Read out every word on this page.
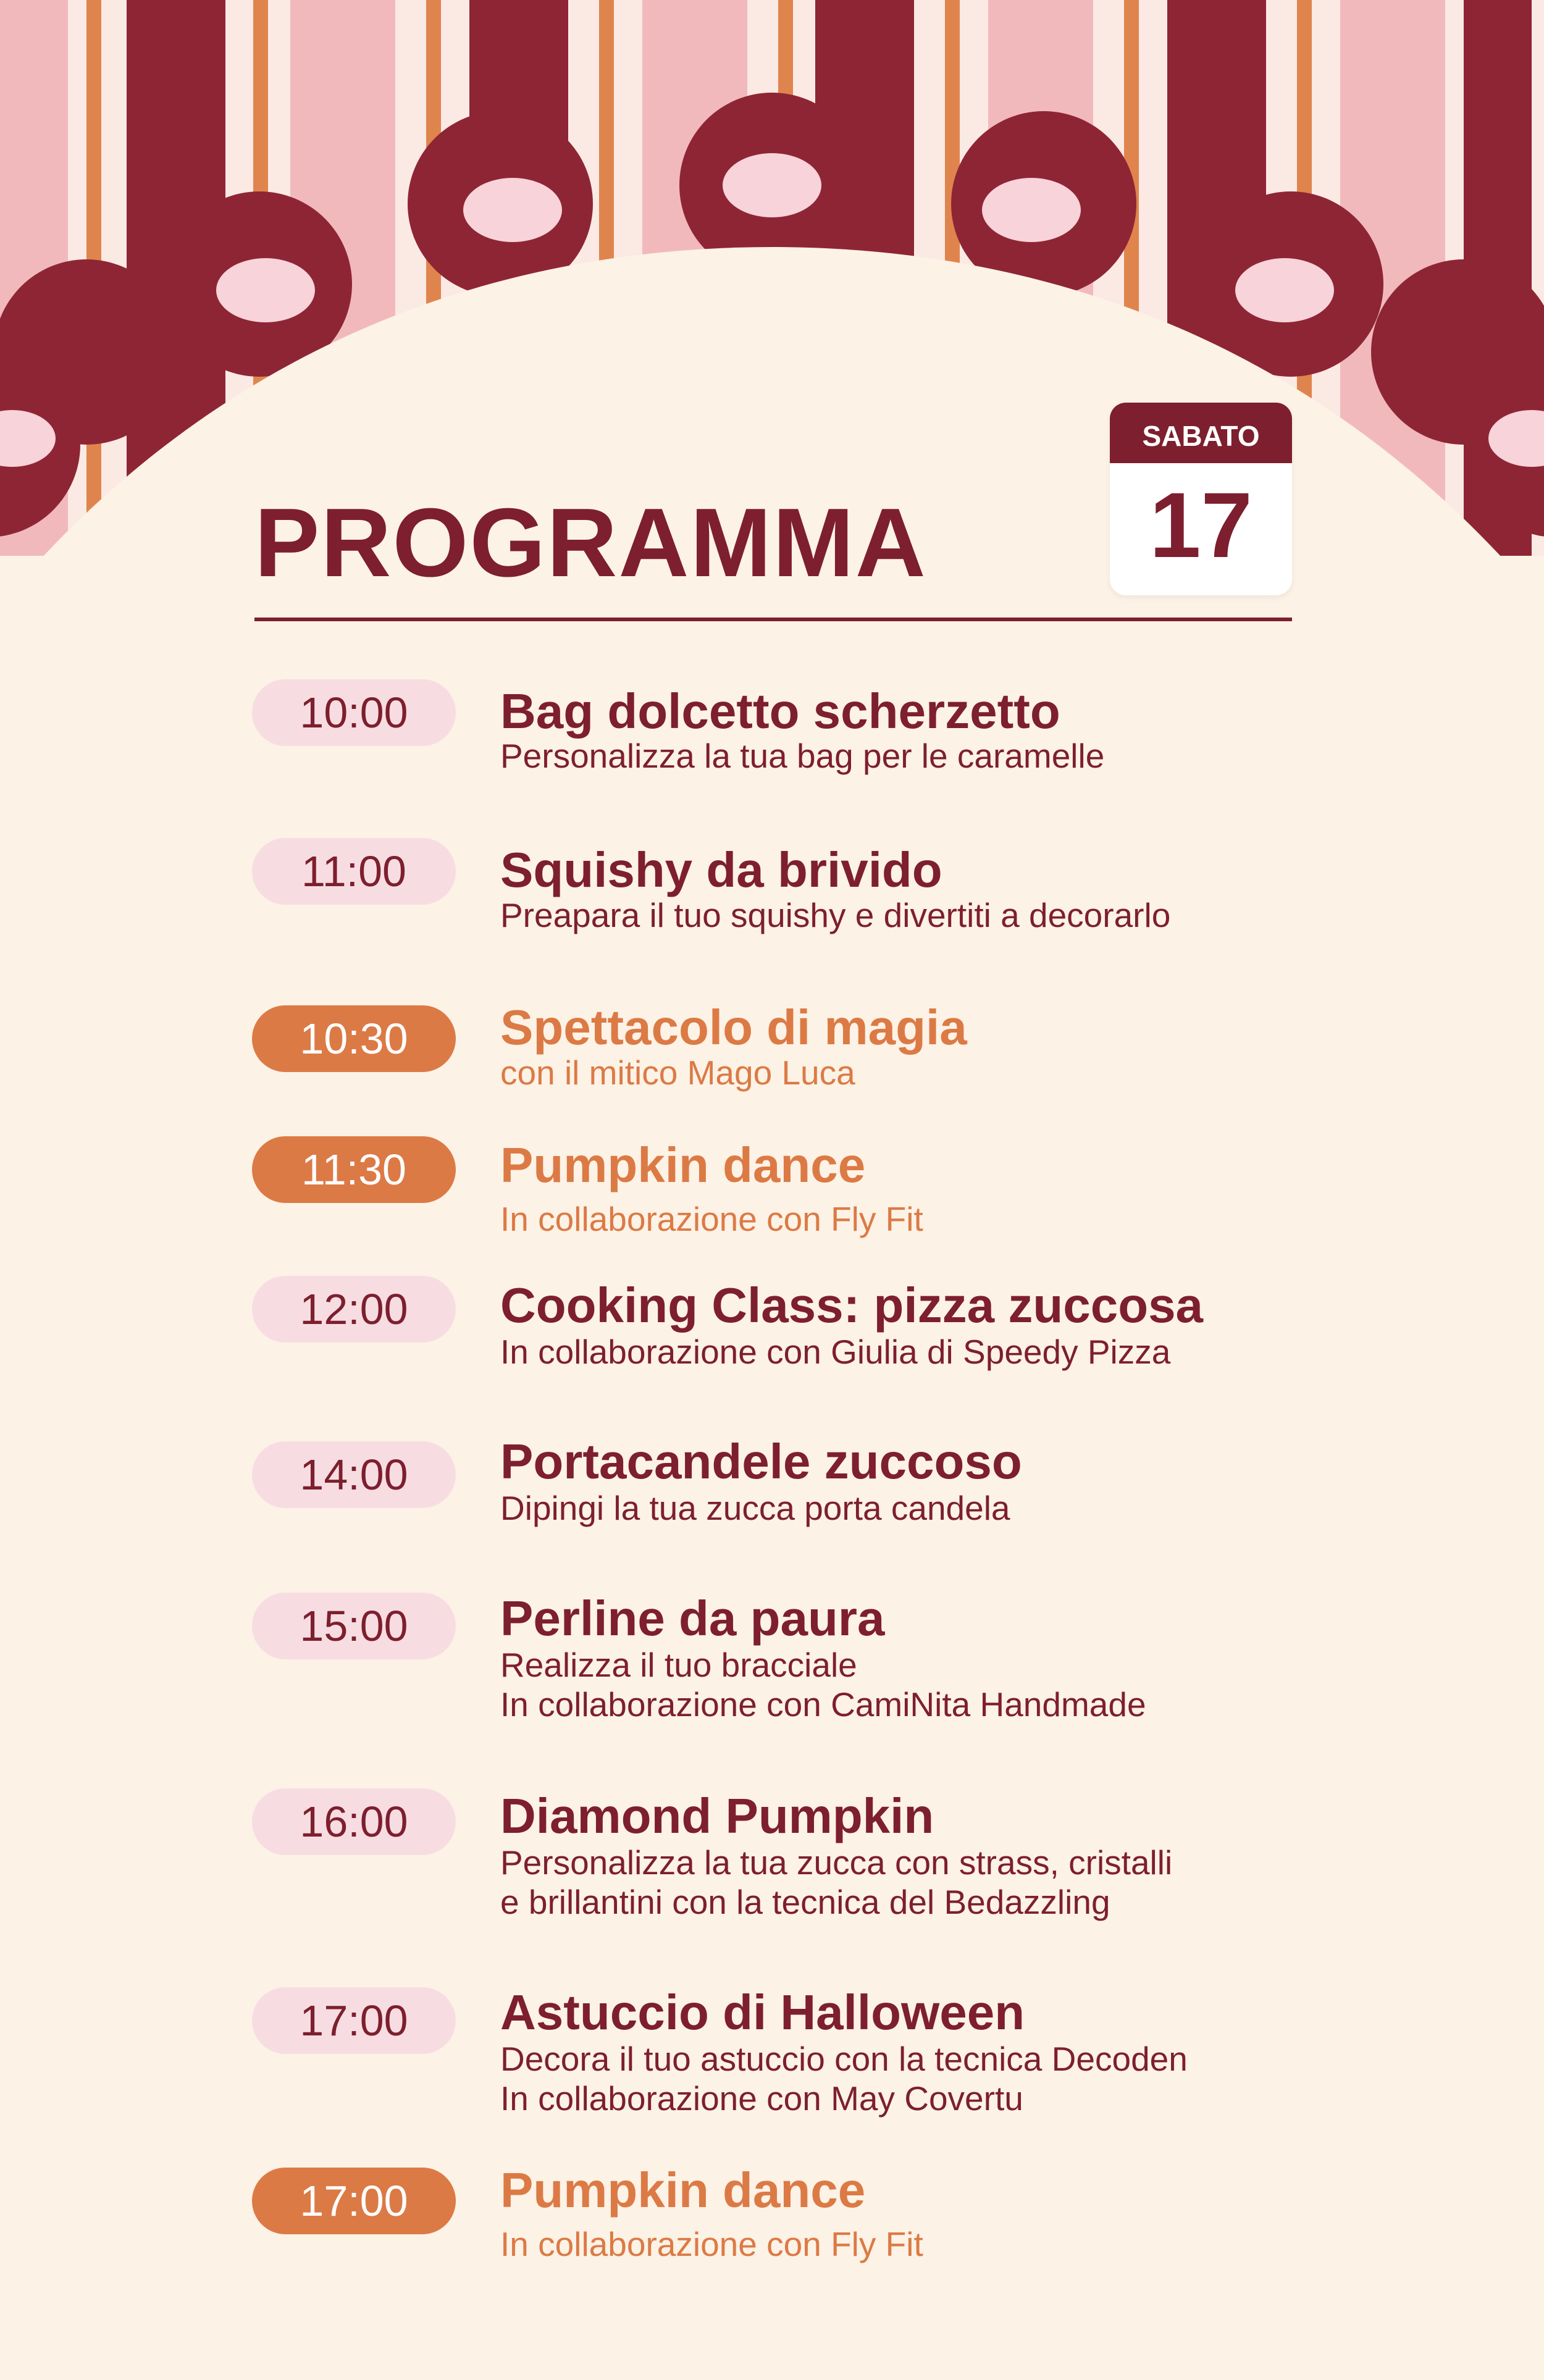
PROGRAMMA
SABATO
17
10:00	Bag dolcetto scherzetto
Personalizza la tua bag per le caramelle
11:00	Squishy da brivido
Preapara il tuo squishy e divertiti a decorarlo
10:30	Spettacolo di magia
con il mitico Mago Luca
11:30	Pumpkin dance
In collaborazione con Fly Fit
12:00	Cooking Class: pizza zuccosa
In collaborazione con Giulia di Speedy Pizza
14:00	Portacandele zuccoso
Dipingi la tua zucca porta candela
15:00	Perline da paura
Realizza il tuo bracciale
In collaborazione con CamiNita Handmade
16:00	Diamond Pumpkin
Personalizza la tua zucca con strass, cristalli
e brillantini con la tecnica del Bedazzling
17:00	Astuccio di Halloween
Decora il tuo astuccio con la tecnica Decoden
In collaborazione con May Covertu
17:00	Pumpkin dance
In collaborazione con Fly Fit
